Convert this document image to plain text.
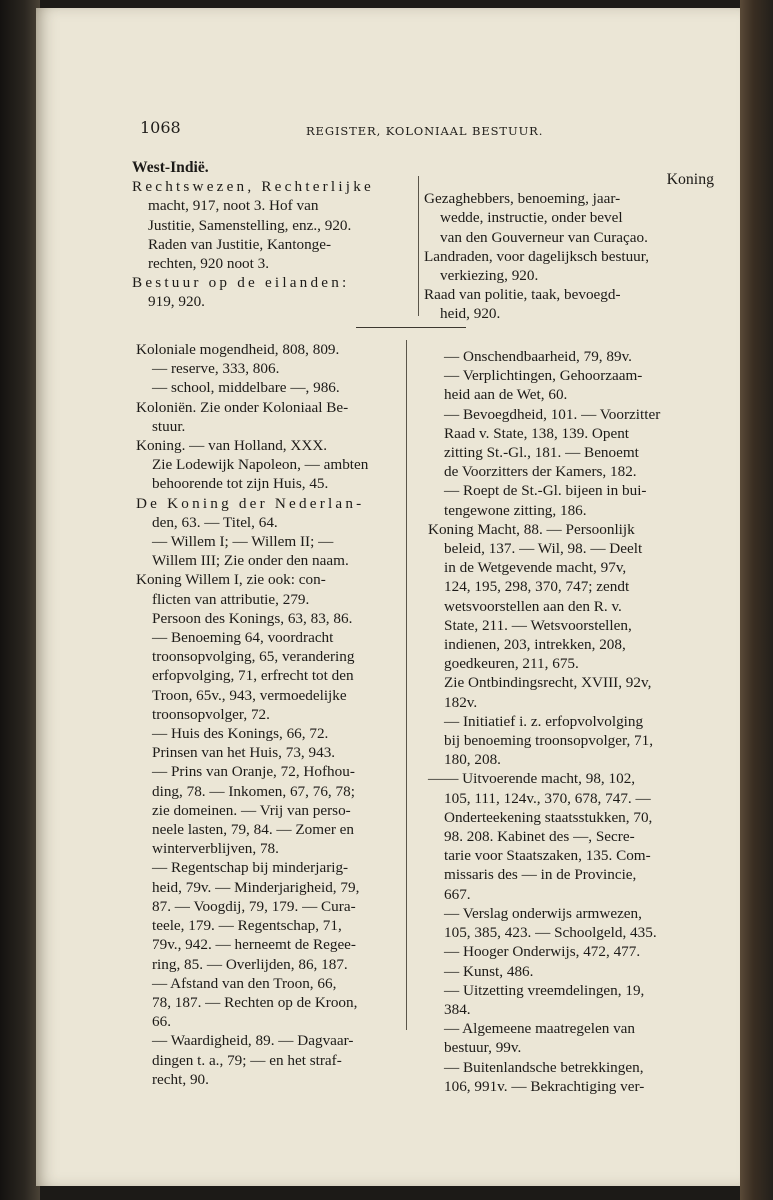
1068	REGISTER, KOLONIAAL BESTUUR.

West-Indië.

Rechtswezen, Rechterlijke

macht, 917, noot 3. Hof van

Justitie, Samenstelling, enz., 920.

Raden van Justitie, Kantonge-

rechten, 920 noot 3.

Bestuur op de eilanden:

919, 920.

Koning

Gezaghebbers, benoeming, jaar-

wedde, instructie, onder bevel

van den Gouverneur van Curaçao.

Landraden, voor dagelijksch bestuur,

verkiezing, 920.

Raad van politie, taak, bevoegd-

heid, 920.

Koloniale mogendheid, 808, 809.

— reserve, 333, 806.

— school, middelbare —, 986.

Koloniën. Zie onder Koloniaal Be-

stuur.

Koning. — van Holland, XXX.

Zie Lodewijk Napoleon, — ambten

behoorende tot zijn Huis, 45.

De Koning der Nederlan-

den, 63. — Titel, 64.

— Willem I; — Willem II; —

Willem III; Zie onder den naam.

Koning Willem I, zie ook: con-

flicten van attributie, 279.

Persoon des Konings, 63, 83, 86.

— Benoeming 64, voordracht

troonsopvolging, 65, verandering

erfopvolging, 71, erfrecht tot den

Troon, 65v., 943, vermoedelijke

troonsopvolger, 72.

— Huis des Konings, 66, 72.

Prinsen van het Huis, 73, 943.

— Prins van Oranje, 72, Hofhou-

ding, 78. — Inkomen, 67, 76, 78;

zie domeinen. — Vrij van perso-

neele lasten, 79, 84. — Zomer en

winterverblijven, 78.

— Regentschap bij minderjarig-

heid, 79v. — Minderjarigheid, 79,

87. — Voogdij, 79, 179. — Cura-

teele, 179. — Regentschap, 71,

79v., 942. — herneemt de Regee-

ring, 85. — Overlijden, 86, 187.

— Afstand van den Troon, 66,

78, 187. — Rechten op de Kroon,

66.

— Waardigheid, 89. — Dagvaar-

dingen t. a., 79; — en het straf-

recht, 90.

— Onschendbaarheid, 79, 89v.

— Verplichtingen, Gehoorzaam-

heid aan de Wet, 60.

— Bevoegdheid, 101. — Voorzitter

Raad v. State, 138, 139. Opent

zitting St.-Gl., 181. — Benoemt

de Voorzitters der Kamers, 182.

— Roept de St.-Gl. bijeen in bui-

tengewone zitting, 186.

Koning Macht, 88. — Persoonlijk

beleid, 137. — Wil, 98. — Deelt

in de Wetgevende macht, 97v,

124, 195, 298, 370, 747; zendt

wetsvoorstellen aan den R. v.

State, 211. — Wetsvoorstellen,

indienen, 203, intrekken, 208,

goedkeuren, 211, 675.

Zie Ontbindingsrecht, XVIII, 92v,

182v.

— Initiatief i. z. erfopvolvolging

bij benoeming troonsopvolger, 71,

180, 208.

—— Uitvoerende macht, 98, 102,

105, 111, 124v., 370, 678, 747. —

Onderteekening staatsstukken, 70,

98. 208. Kabinet des —, Secre-

tarie voor Staatszaken, 135. Com-

missaris des — in de Provincie,

667.

— Verslag onderwijs armwezen,

105, 385, 423. — Schoolgeld, 435.

— Hooger Onderwijs, 472, 477.

— Kunst, 486.

— Uitzetting vreemdelingen, 19,

384.

— Algemeene maatregelen van

bestuur, 99v.

— Buitenlandsche betrekkingen,

106, 991v. — Bekrachtiging ver-
